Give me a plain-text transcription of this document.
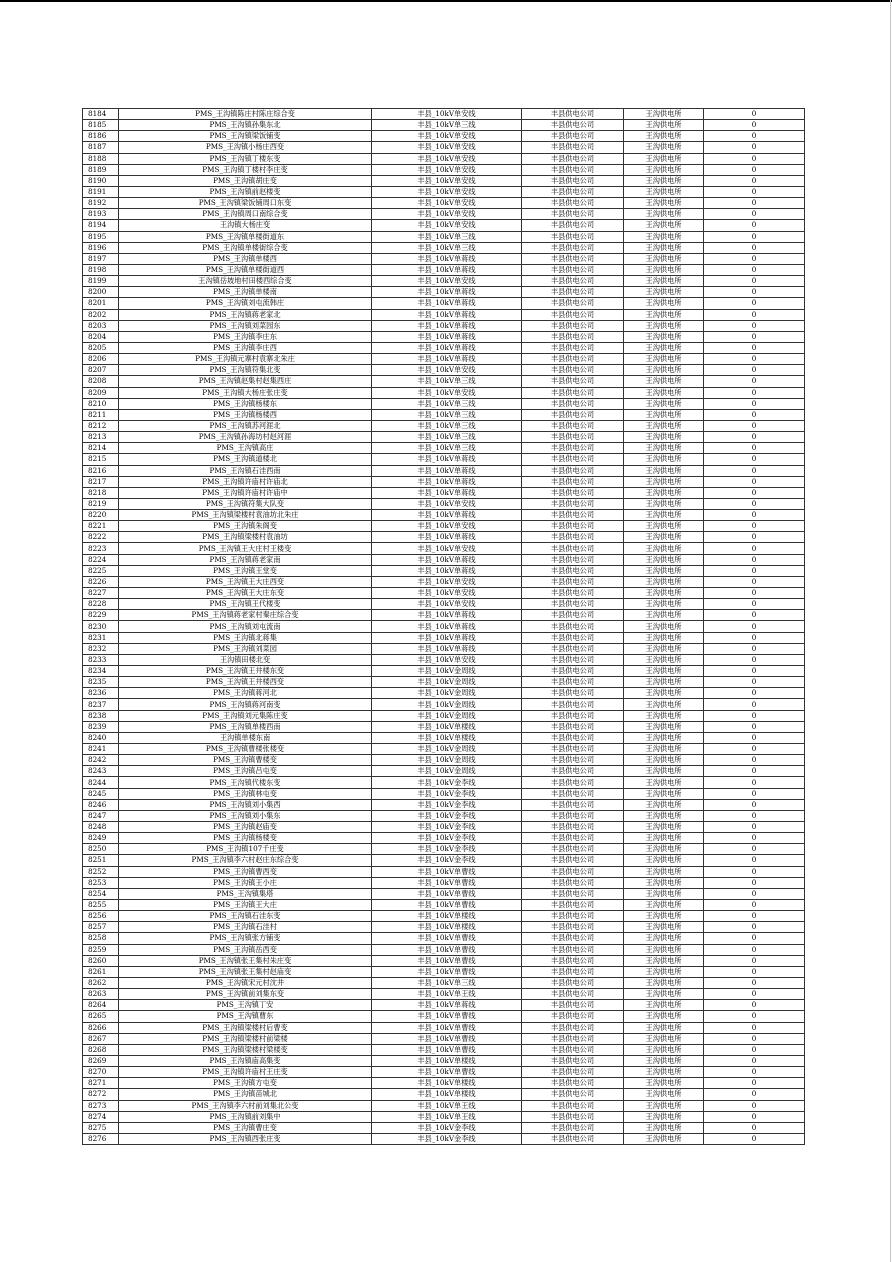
8184	PMS_王沟镇陈庄村陈庄综合变	丰县_10kV单安线	丰县供电公司	王沟供电所	0
8185	PMS_王沟镇孙集东北	丰县_10kV单三线	丰县供电公司	王沟供电所	0
8186	PMS_王沟镇梁饭铺变	丰县_10kV单安线	丰县供电公司	王沟供电所	0
8187	PMS_王沟镇小杨庄西变	丰县_10kV单安线	丰县供电公司	王沟供电所	0
8188	PMS_王沟镇丁楼东变	丰县_10kV单安线	丰县供电公司	王沟供电所	0
8189	PMS_王沟镇丁楼村李庄变	丰县_10kV单安线	丰县供电公司	王沟供电所	0
8190	PMS_王沟镇胡庄变	丰县_10kV单安线	丰县供电公司	王沟供电所	0
8191	PMS_王沟镇前赵楼变	丰县_10kV单安线	丰县供电公司	王沟供电所	0
8192	PMS_王沟镇梁饭铺周口东变	丰县_10kV单安线	丰县供电公司	王沟供电所	0
8193	PMS_王沟镇周口南综合变	丰县_10kV单安线	丰县供电公司	王沟供电所	0
8194	王沟镇大杨庄变	丰县_10kV单安线	丰县供电公司	王沟供电所	0
8195	PMS_王沟镇单楼街道东	丰县_10kV单三线	丰县供电公司	王沟供电所	0
8196	PMS_王沟镇单楼街综合变	丰县_10kV单三线	丰县供电公司	王沟供电所	0
8197	PMS_王沟镇单楼西	丰县_10kV单蒋线	丰县供电公司	王沟供电所	0
8198	PMS_王沟镇单楼街道西	丰县_10kV单蒋线	丰县供电公司	王沟供电所	0
8199	王沟镇岳坡地村田楼西综合变	丰县_10kV单安线	丰县供电公司	王沟供电所	0
8200	PMS_王沟镇单楼南	丰县_10kV单蒋线	丰县供电公司	王沟供电所	0
8201	PMS_王沟镇刘屯流韩庄	丰县_10kV单蒋线	丰县供电公司	王沟供电所	0
8202	PMS_王沟镇蒋老家北	丰县_10kV单蒋线	丰县供电公司	王沟供电所	0
8203	PMS_王沟镇刘菜园东	丰县_10kV单蒋线	丰县供电公司	王沟供电所	0
8204	PMS_王沟镇李庄东	丰县_10kV单蒋线	丰县供电公司	王沟供电所	0
8205	PMS_王沟镇李庄西	丰县_10kV单蒋线	丰县供电公司	王沟供电所	0
8206	PMS_王沟镇元寨村袁寨北朱庄	丰县_10kV单蒋线	丰县供电公司	王沟供电所	0
8207	PMS_王沟镇符集北变	丰县_10kV单安线	丰县供电公司	王沟供电所	0
8208	PMS_王沟镇赵集村赵集西庄	丰县_10kV单三线	丰县供电公司	王沟供电所	0
8209	PMS_王沟镇大杨庄张庄变	丰县_10kV单安线	丰县供电公司	王沟供电所	0
8210	PMS_王沟镇杨楼东	丰县_10kV单三线	丰县供电公司	王沟供电所	0
8211	PMS_王沟镇杨楼西	丰县_10kV单三线	丰县供电公司	王沟供电所	0
8212	PMS_王沟镇苏河涯北	丰县_10kV单三线	丰县供电公司	王沟供电所	0
8213	PMS_王沟镇孙海坊村赵河涯	丰县_10kV单三线	丰县供电公司	王沟供电所	0
8214	PMS_王沟镇高庄	丰县_10kV单三线	丰县供电公司	王沟供电所	0
8215	PMS_王沟镇道楼北	丰县_10kV单蒋线	丰县供电公司	王沟供电所	0
8216	PMS_王沟镇石洼西南	丰县_10kV单蒋线	丰县供电公司	王沟供电所	0
8217	PMS_王沟镇许庙村许庙北	丰县_10kV单蒋线	丰县供电公司	王沟供电所	0
8218	PMS_王沟镇许庙村许庙中	丰县_10kV单蒋线	丰县供电公司	王沟供电所	0
8219	PMS_王沟镇符集大队变	丰县_10kV单安线	丰县供电公司	王沟供电所	0
8220	PMS_王沟镇梁楼村袁油坊北朱庄	丰县_10kV单蒋线	丰县供电公司	王沟供电所	0
8221	PMS_王沟镇朱阁变	丰县_10kV单安线	丰县供电公司	王沟供电所	0
8222	PMS_王沟镇梁楼村袁油坊	丰县_10kV单蒋线	丰县供电公司	王沟供电所	0
8223	PMS_王沟镇王大庄村王楼变	丰县_10kV单安线	丰县供电公司	王沟供电所	0
8224	PMS_王沟镇蒋老家南	丰县_10kV单蒋线	丰县供电公司	王沟供电所	0
8225	PMS_王沟镇王堂变	丰县_10kV单蒋线	丰县供电公司	王沟供电所	0
8226	PMS_王沟镇王大庄西变	丰县_10kV单安线	丰县供电公司	王沟供电所	0
8227	PMS_王沟镇王大庄东变	丰县_10kV单安线	丰县供电公司	王沟供电所	0
8228	PMS_王沟镇王代楼变	丰县_10kV单安线	丰县供电公司	王沟供电所	0
8229	PMS_王沟镇蒋老家村秦庄综合变	丰县_10kV单蒋线	丰县供电公司	王沟供电所	0
8230	PMS_王沟镇刘屯流南	丰县_10kV单蒋线	丰县供电公司	王沟供电所	0
8231	PMS_王沟镇北蒋集	丰县_10kV单蒋线	丰县供电公司	王沟供电所	0
8232	PMS_王沟镇刘菜园	丰县_10kV单蒋线	丰县供电公司	王沟供电所	0
8233	王沟镇田楼北变	丰县_10kV单安线	丰县供电公司	王沟供电所	0
8234	PMS_王沟镇王井楼东变	丰县_10kV金周线	丰县供电公司	王沟供电所	0
8235	PMS_王沟镇王井楼西变	丰县_10kV金周线	丰县供电公司	王沟供电所	0
8236	PMS_王沟镇蒋河北	丰县_10kV金周线	丰县供电公司	王沟供电所	0
8237	PMS_王沟镇蒋河南变	丰县_10kV金周线	丰县供电公司	王沟供电所	0
8238	PMS_王沟镇刘元集陈庄变	丰县_10kV金周线	丰县供电公司	王沟供电所	0
8239	PMS_王沟镇单楼西南	丰县_10kV单楼线	丰县供电公司	王沟供电所	0
8240	王沟镇单楼东南	丰县_10kV单楼线	丰县供电公司	王沟供电所	0
8241	PMS_王沟镇曹楼张楼变	丰县_10kV金周线	丰县供电公司	王沟供电所	0
8242	PMS_王沟镇曹楼变	丰县_10kV金周线	丰县供电公司	王沟供电所	0
8243	PMS_王沟镇吕屯变	丰县_10kV金周线	丰县供电公司	王沟供电所	0
8244	PMS_王沟镇代楼东变	丰县_10kV金李线	丰县供电公司	王沟供电所	0
8245	PMS_王沟镇林屯变	丰县_10kV金李线	丰县供电公司	王沟供电所	0
8246	PMS_王沟镇刘小集西	丰县_10kV金李线	丰县供电公司	王沟供电所	0
8247	PMS_王沟镇刘小集东	丰县_10kV金李线	丰县供电公司	王沟供电所	0
8248	PMS_王沟镇赵庙变	丰县_10kV金李线	丰县供电公司	王沟供电所	0
8249	PMS_王沟镇杨楼变	丰县_10kV金李线	丰县供电公司	王沟供电所	0
8250	PMS_王沟镇107千庄变	丰县_10kV金李线	丰县供电公司	王沟供电所	0
8251	PMS_王沟镇李六村赵庄东综合变	丰县_10kV金李线	丰县供电公司	王沟供电所	0
8252	PMS_王沟镇曹西变	丰县_10kV单曹线	丰县供电公司	王沟供电所	0
8253	PMS_王沟镇王小庄	丰县_10kV单曹线	丰县供电公司	王沟供电所	0
8254	PMS_王沟镇集塔	丰县_10kV单曹线	丰县供电公司	王沟供电所	0
8255	PMS_王沟镇王大庄	丰县_10kV单曹线	丰县供电公司	王沟供电所	0
8256	PMS_王沟镇石洼东变	丰县_10kV单楼线	丰县供电公司	王沟供电所	0
8257	PMS_王沟镇石洼村	丰县_10kV单楼线	丰县供电公司	王沟供电所	0
8258	PMS_王沟镇张方铺变	丰县_10kV单曹线	丰县供电公司	王沟供电所	0
8259	PMS_王沟镇岳西变	丰县_10kV单曹线	丰县供电公司	王沟供电所	0
8260	PMS_王沟镇张王集村朱庄变	丰县_10kV单曹线	丰县供电公司	王沟供电所	0
8261	PMS_王沟镇张王集村赵庙变	丰县_10kV单曹线	丰县供电公司	王沟供电所	0
8262	PMS_王沟镇宋元村沈井	丰县_10kV单三线	丰县供电公司	王沟供电所	0
8263	PMS_王沟镇前刘集东变	丰县_10kV单王线	丰县供电公司	王沟供电所	0
8264	PMS_王沟镇丁安	丰县_10kV单蒋线	丰县供电公司	王沟供电所	0
8265	PMS_王沟镇曹东	丰县_10kV单曹线	丰县供电公司	王沟供电所	0
8266	PMS_王沟镇梁楼村后曹变	丰县_10kV单曹线	丰县供电公司	王沟供电所	0
8267	PMS_王沟镇梁楼村前梁楼	丰县_10kV单曹线	丰县供电公司	王沟供电所	0
8268	PMS_王沟镇梁楼村梁楼变	丰县_10kV单曹线	丰县供电公司	王沟供电所	0
8269	PMS_王沟镇庙高集变	丰县_10kV单楼线	丰县供电公司	王沟供电所	0
8270	PMS_王沟镇许庙村王庄变	丰县_10kV单曹线	丰县供电公司	王沟供电所	0
8271	PMS_王沟镇方屯变	丰县_10kV单楼线	丰县供电公司	王沟供电所	0
8272	PMS_王沟镇苗城北	丰县_10kV单楼线	丰县供电公司	王沟供电所	0
8273	PMS_王沟镇李六村前刘集北公变	丰县_10kV单王线	丰县供电公司	王沟供电所	0
8274	PMS_王沟镇前刘集中	丰县_10kV单王线	丰县供电公司	王沟供电所	0
8275	PMS_王沟镇曹庄变	丰县_10kV金李线	丰县供电公司	王沟供电所	0
8276	PMS_王沟镇西张庄变	丰县_10kV金李线	丰县供电公司	王沟供电所	0
